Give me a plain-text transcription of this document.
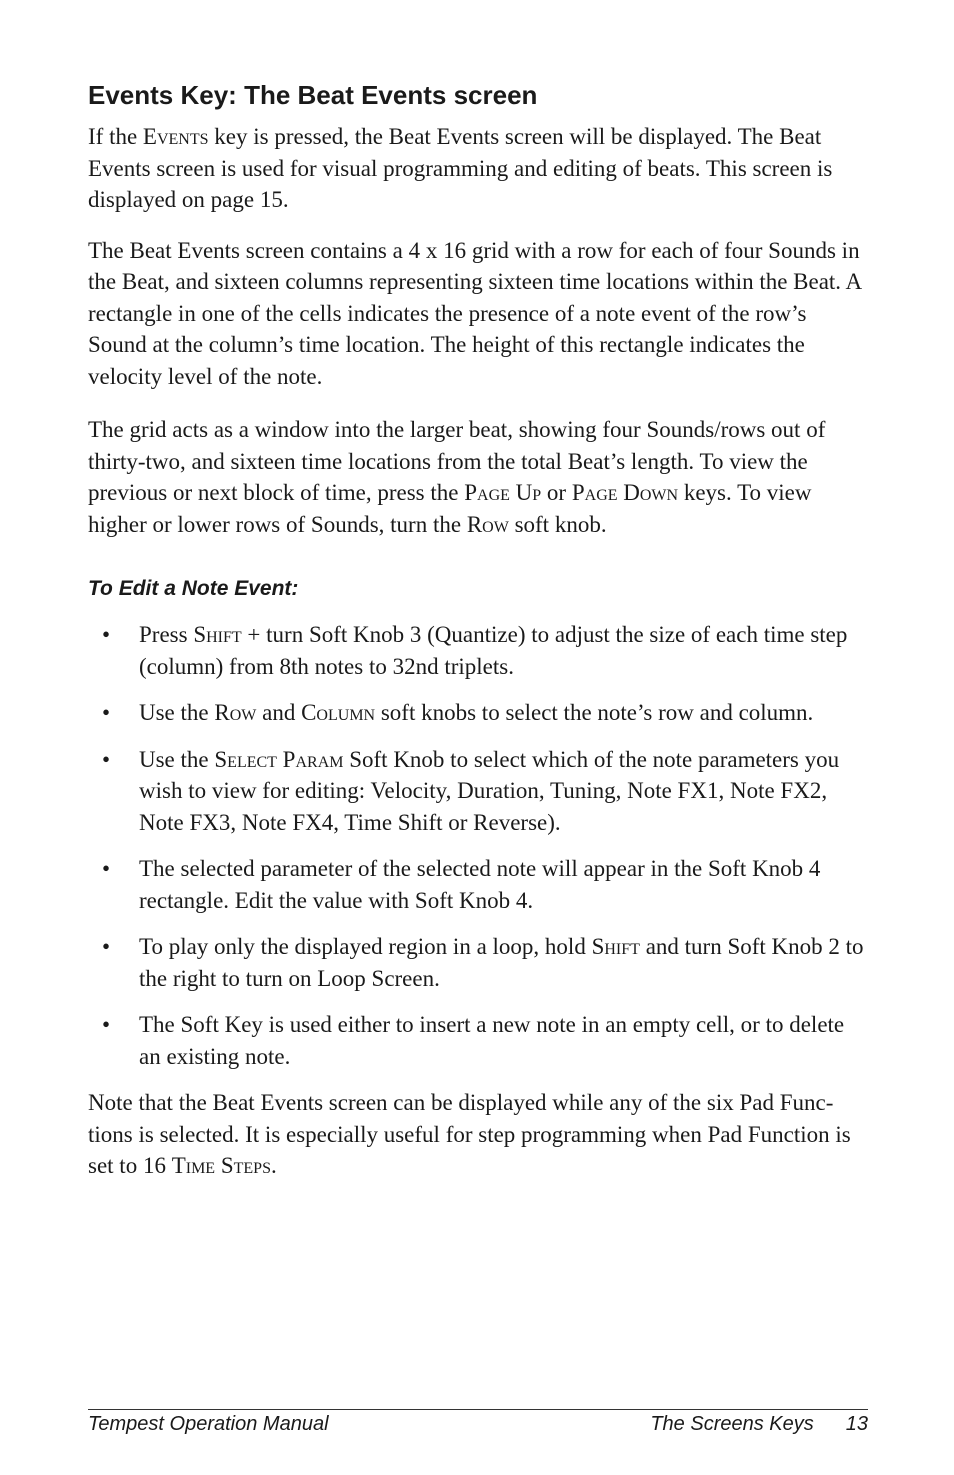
Events Key: The Beat Events screen

If the Events key is pressed, the Beat Events screen will be displayed. The Beat Events screen is used for visual programming and editing of beats. This screen is displayed on page 15.

The Beat Events screen contains a 4 x 16 grid with a row for each of four Sounds in the Beat, and sixteen columns representing sixteen time locations within the Beat. A rectangle in one of the cells indicates the presence of a note event of the row’s Sound at the column’s time location. The height of this rectangle indicates the velocity level of the note.

The grid acts as a window into the larger beat, showing four Sounds/rows out of thirty-two, and sixteen time locations from the total Beat’s length. To view the previous or next block of time, press the Page Up or Page Down keys. To view higher or lower rows of Sounds, turn the Row soft knob.

To Edit a Note Event:
• Press Shift + turn Soft Knob 3 (Quantize) to adjust the size of each time step (column) from 8th notes to 32nd triplets.
• Use the Row and Column soft knobs to select the note’s row and column.
• Use the Select Param Soft Knob to select which of the note parameters you wish to view for editing: Velocity, Duration, Tuning, Note FX1, Note FX2, Note FX3, Note FX4, Time Shift or Reverse).
• The selected parameter of the selected note will appear in the Soft Knob 4 rectangle. Edit the value with Soft Knob 4.
• To play only the displayed region in a loop, hold Shift and turn Soft Knob 2 to the right to turn on Loop Screen.
• The Soft Key is used either to insert a new note in an empty cell, or to delete an existing note.

Note that the Beat Events screen can be displayed while any of the six Pad Func-tions is selected. It is especially useful for step programming when Pad Function is set to 16 Time Steps.

Tempest Operation Manual	The Screens Keys 13
